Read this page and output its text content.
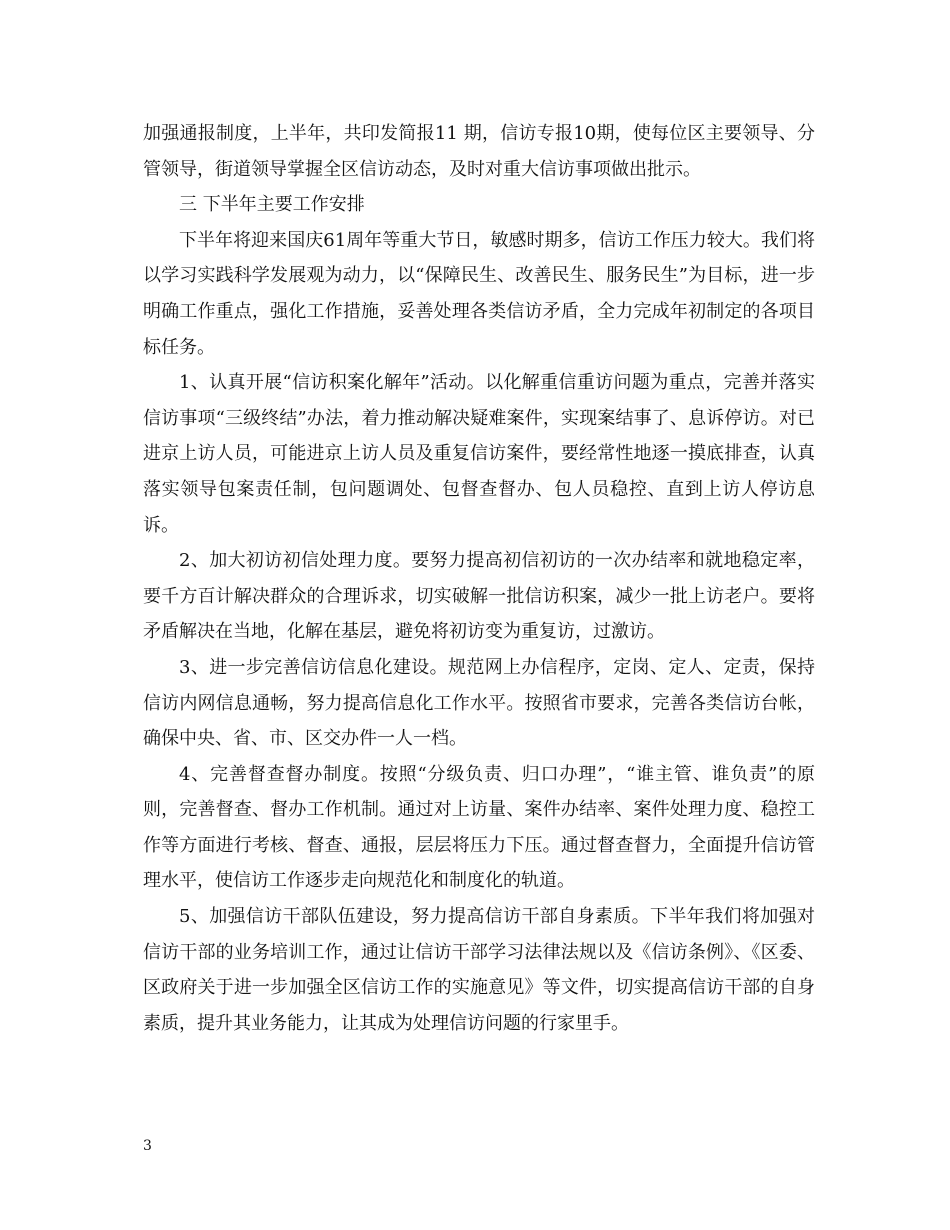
加强通报制度，上半年，共印发简报11 期，信访专报10期，使每位区主要领导、分管领导，街道领导掌握全区信访动态，及时对重大信访事项做出批示。

三 下半年主要工作安排

下半年将迎来国庆61周年等重大节日，敏感时期多，信访工作压力较大。我们将以学习实践科学发展观为动力，以“保障民生、改善民生、服务民生”为目标，进一步明确工作重点，强化工作措施，妥善处理各类信访矛盾，全力完成年初制定的各项目标任务。

1、认真开展“信访积案化解年”活动。以化解重信重访问题为重点，完善并落实信访事项“三级终结”办法，着力推动解决疑难案件，实现案结事了、息诉停访。对已进京上访人员，可能进京上访人员及重复信访案件，要经常性地逐一摸底排查，认真落实领导包案责任制，包问题调处、包督查督办、包人员稳控、直到上访人停访息诉。

2、加大初访初信处理力度。要努力提高初信初访的一次办结率和就地稳定率，要千方百计解决群众的合理诉求，切实破解一批信访积案，减少一批上访老户。要将矛盾解决在当地，化解在基层，避免将初访变为重复访，过激访。

3、进一步完善信访信息化建设。规范网上办信程序，定岗、定人、定责，保持信访内网信息通畅，努力提高信息化工作水平。按照省市要求，完善各类信访台帐，确保中央、省、市、区交办件一人一档。

4、完善督查督办制度。按照“分级负责、归口办理”，“谁主管、谁负责”的原则，完善督查、督办工作机制。通过对上访量、案件办结率、案件处理力度、稳控工作等方面进行考核、督查、通报，层层将压力下压。通过督查督力，全面提升信访管理水平，使信访工作逐步走向规范化和制度化的轨道。

5、加强信访干部队伍建设，努力提高信访干部自身素质。下半年我们将加强对信访干部的业务培训工作，通过让信访干部学习法律法规以及《信访条例》、《区委、区政府关于进一步加强全区信访工作的实施意见》等文件，切实提高信访干部的自身素质，提升其业务能力，让其成为处理信访问题的行家里手。

3
